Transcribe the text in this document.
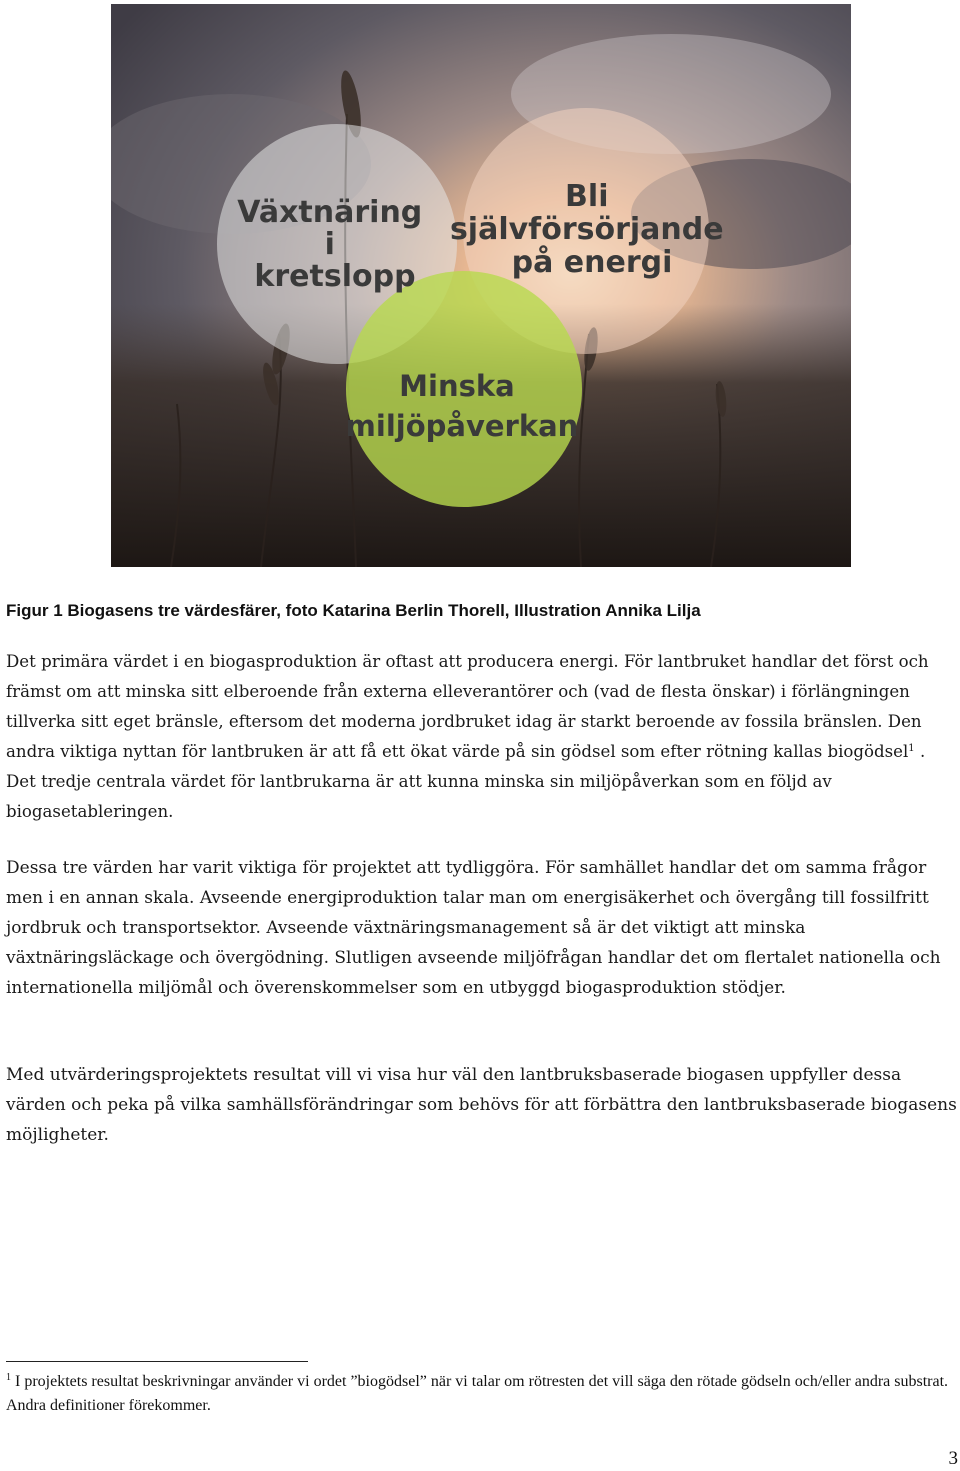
Växtnäring i kretslopp
Bli självförsörjande på energi
Minska miljöpåverkan
Figur 1 Biogasens tre värdesfärer, foto Katarina Berlin Thorell, Illustration Annika Lilja

Det primära värdet i en biogasproduktion är oftast att producera energi. För lantbruket handlar det först och främst om att minska sitt elberoende från externa elleverantörer och (vad de flesta önskar) i förlängningen tillverka sitt eget bränsle, eftersom det moderna jordbruket idag är starkt beroende av fossila bränslen. Den andra viktiga nyttan för lantbruken är att få ett ökat värde på sin gödsel som efter rötning kallas biogödsel$^1$ . Det tredje centrala värdet för lantbrukarna är att kunna minska sin miljöpåverkan som en följd av biogasetableringen.

Dessa tre värden har varit viktiga för projektet att tydliggöra. För samhället handlar det om samma frågor men i en annan skala. Avseende energiproduktion talar man om energisäkerhet och övergång till fossilfritt jordbruk och transportsektor. Avseende växtnäringsmanagement så är det viktigt att minska växtnäringsläckage och övergödning. Slutligen avseende miljöfrågan handlar det om flertalet nationella och internationella miljömål och överenskommelser som en utbyggd biogasproduktion stödjer.

Med utvärderingsprojektets resultat vill vi visa hur väl den lantbruksbaserade biogasen uppfyller dessa värden och peka på vilka samhällsförändringar som behövs för att förbättra den lantbruksbaserade biogasens möjligheter.

$^1$ I projektets resultat beskrivningar använder vi ordet ”biogödsel” när vi talar om rötresten det vill säga den rötade gödseln och/eller andra substrat. Andra definitioner förekommer.

3
